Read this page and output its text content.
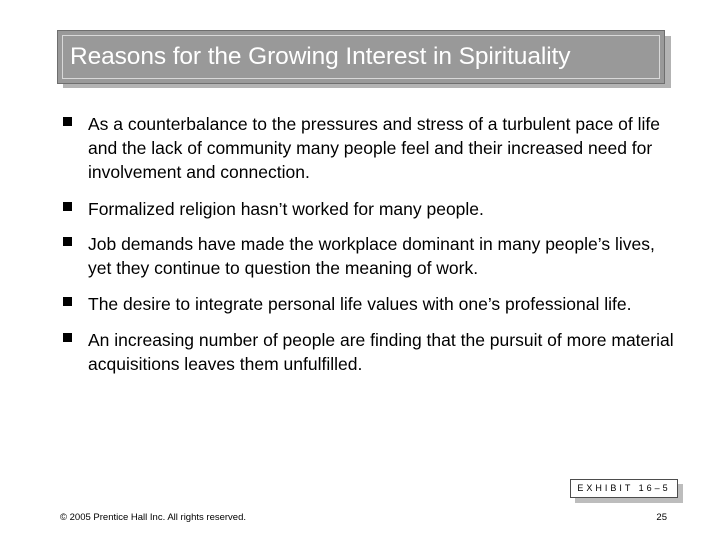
Reasons for the Growing Interest in Spirituality
As a counterbalance to the pressures and stress of a turbulent pace of life and the lack of community many people feel and their increased need for involvement and connection.
Formalized religion hasn’t worked for many people.
Job demands have made the workplace dominant in many people’s lives, yet they continue to question the meaning of work.
The desire to integrate personal life values with one’s professional life.
An increasing number of people are finding that the pursuit of more material acquisitions leaves them unfulfilled.
EXHIBIT 16–5
© 2005 Prentice Hall Inc. All rights reserved.	25
